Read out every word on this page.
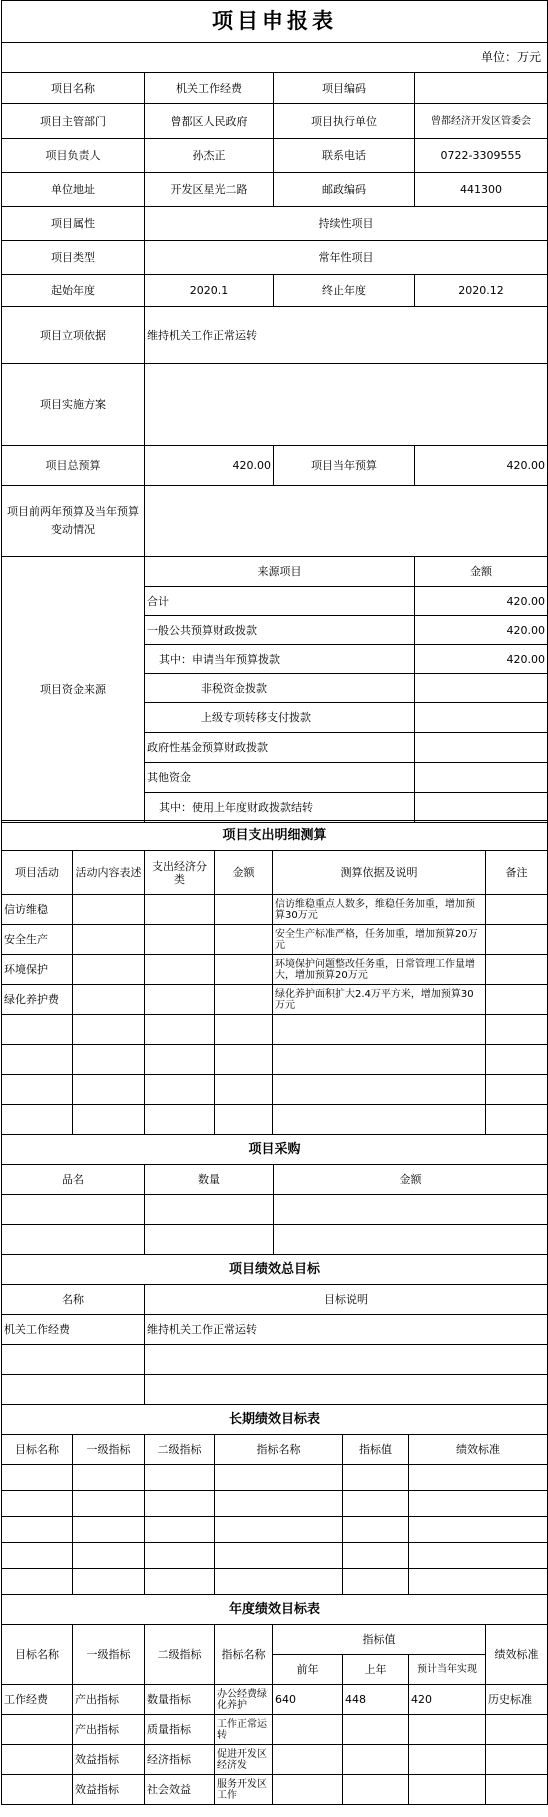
项目申报表			
单位：万元			
项目名称	机关工作经费	项目编码	
项目主管部门	曾都区人民政府	项目执行单位	曾都经济开发区管委会
项目负责人	孙杰正	联系电话	0722-3309555
单位地址	开发区星光二路	邮政编码	441300
项目属性	持续性项目		
项目类型	常年性项目		
起始年度	2020.1	终止年度	2020.12
项目立项依据	维持机关工作正常运转		
项目实施方案			
项目总预算	420.00	项目当年预算	420.00
项目前两年预算及当年预算变动情况			
项目资金来源	来源项目		金额
	合计		420.00
	一般公共预算财政拨款		420.00
	其中：申请当年预算拨款		420.00
	非税资金拨款		
	上级专项转移支付拨款		
	政府性基金预算财政拨款		
	其他资金		
	其中：使用上年度财政拨款结转		
项目支出明细测算					
项目活动	活动内容表述	支出经济分类	金额	测算依据及说明	备注
信访维稳				信访维稳重点人数多，维稳任务加重，增加预算30万元	
安全生产				安全生产标准严格，任务加重，增加预算20万元	
环境保护				环境保护问题整改任务重，日常管理工作量增大，增加预算20万元	
绿化养护费				绿化养护面积扩大2.4万平方米，增加预算30万元	

项目采购		
品名	数量	金额

项目绩效总目标	
名称	目标说明
机关工作经费	维持机关工作正常运转

长期绩效目标表					
目标名称	一级指标	二级指标	指标名称	指标值	绩效标准

年度绩效目标表							
目标名称	一级指标	二级指标	指标名称	指标值			绩效标准
				前年	上年	预计当年实现	
工作经费	产出指标	数量指标	办公经费绿化养护	640	448	420	历史标准
	产出指标	质量指标	工作正常运转				
	效益指标	经济指标	促进开发区经济发				
	效益指标	社会效益	服务开发区工作				
